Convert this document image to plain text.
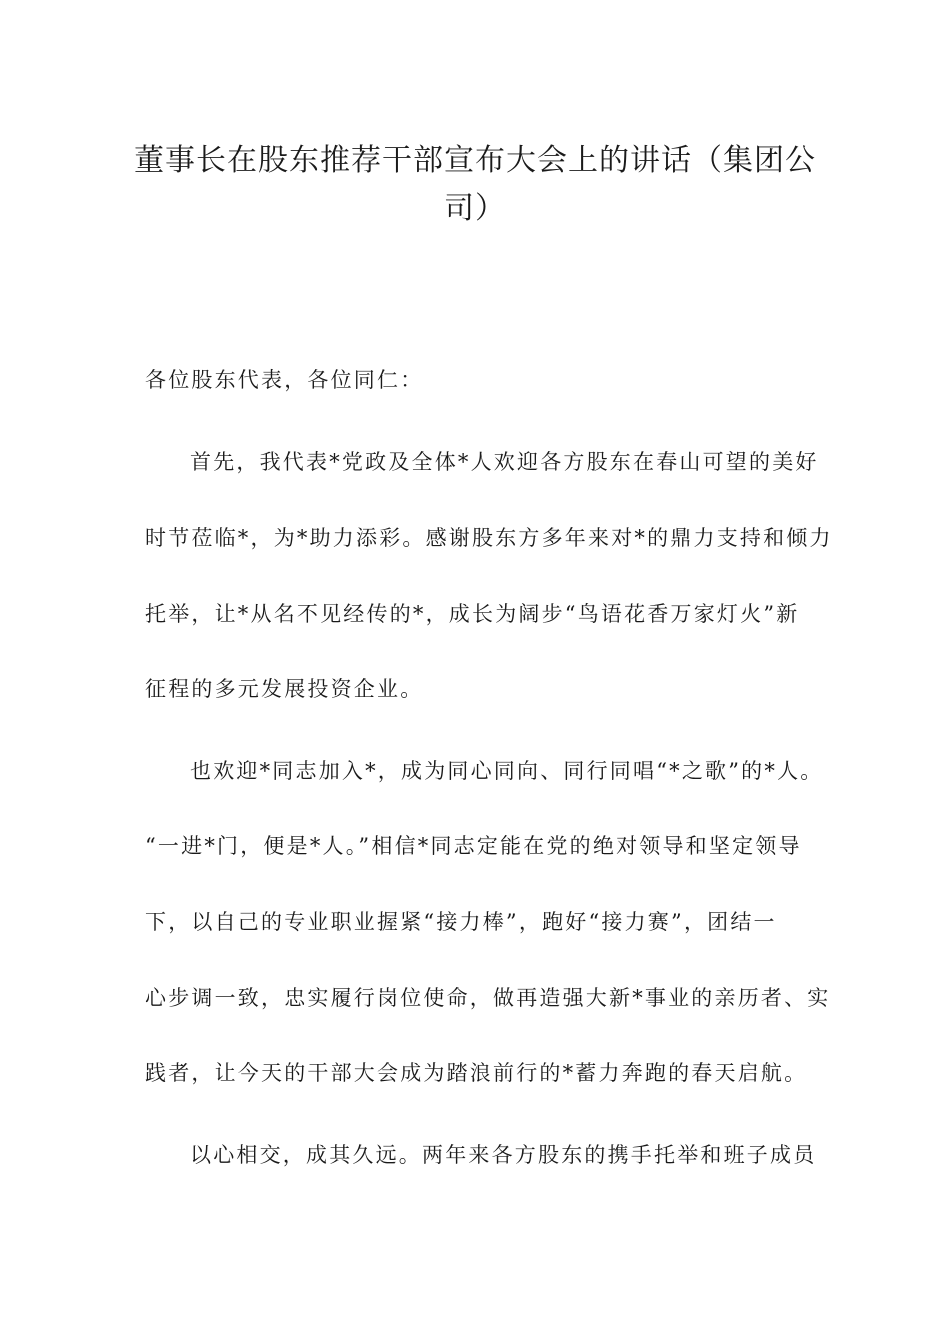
董事长在股东推荐干部宣布大会上的讲话（集团公
司）

各位股东代表，各位同仁：

首先，我代表*党政及全体*人欢迎各方股东在春山可望的美好

时节莅临*，为*助力添彩。感谢股东方多年来对*的鼎力支持和倾力

托举，让*从名不见经传的*，成长为阔步“鸟语花香万家灯火”新

征程的多元发展投资企业。

也欢迎*同志加入*，成为同心同向、同行同唱“*之歌”的*人。

“一进*门，便是*人。”相信*同志定能在党的绝对领导和坚定领导

下，以自己的专业职业握紧“接力棒”，跑好“接力赛”，团结一

心步调一致，忠实履行岗位使命，做再造强大新*事业的亲历者、实

践者，让今天的干部大会成为踏浪前行的*蓄力奔跑的春天启航。

以心相交，成其久远。两年来各方股东的携手托举和班子成员
